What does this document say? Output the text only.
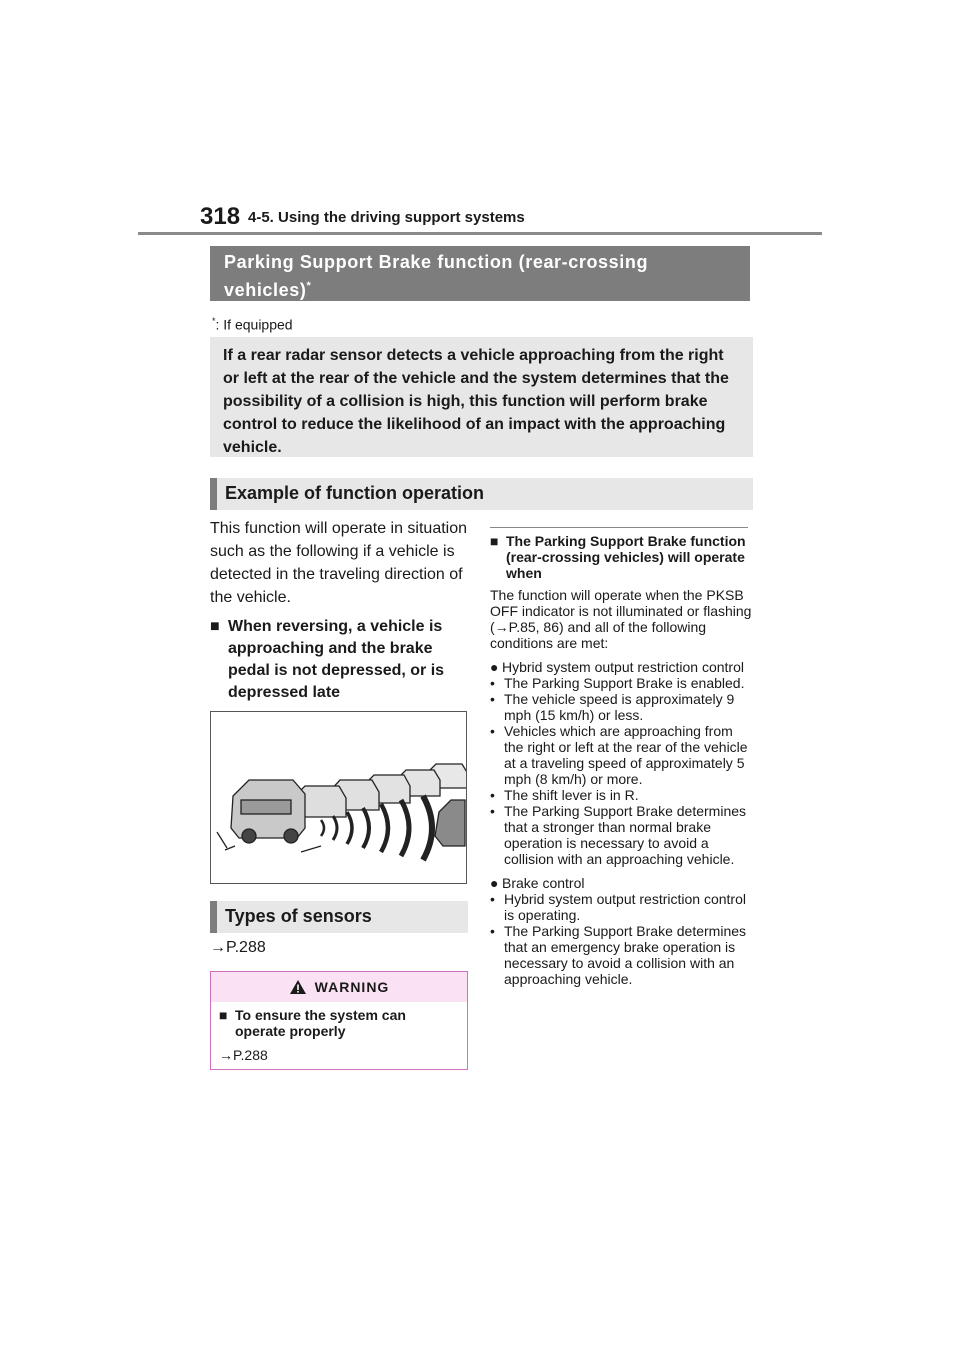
318 4-5. Using the driving support systems
Parking Support Brake function (rear-crossing vehicles)*
*: If equipped
If a rear radar sensor detects a vehicle approaching from the right or left at the rear of the vehicle and the system determines that the possibility of a collision is high, this function will perform brake control to reduce the likelihood of an impact with the approaching vehicle.
Example of function operation

This function will operate in situation such as the following if a vehicle is detected in the traveling direction of the vehicle.

■ When reversing, a vehicle is approaching and the brake pedal is not depressed, or is depressed late
Types of sensors
→P.288
WARNING
■ To ensure the system can operate properly
→P.288
■ The Parking Support Brake function (rear-crossing vehicles) will operate when
The function will operate when the PKSB OFF indicator is not illuminated or flashing (→P.85, 86) and all of the following conditions are met:
● Hybrid system output restriction control
• The Parking Support Brake is enabled.
• The vehicle speed is approximately 9 mph (15 km/h) or less.
• Vehicles which are approaching from the right or left at the rear of the vehicle at a traveling speed of approximately 5 mph (8 km/h) or more.
• The shift lever is in R.
• The Parking Support Brake determines that a stronger than normal brake operation is necessary to avoid a collision with an approaching vehicle.
● Brake control
• Hybrid system output restriction control is operating.
• The Parking Support Brake determines that an emergency brake operation is necessary to avoid a collision with an approaching vehicle.
